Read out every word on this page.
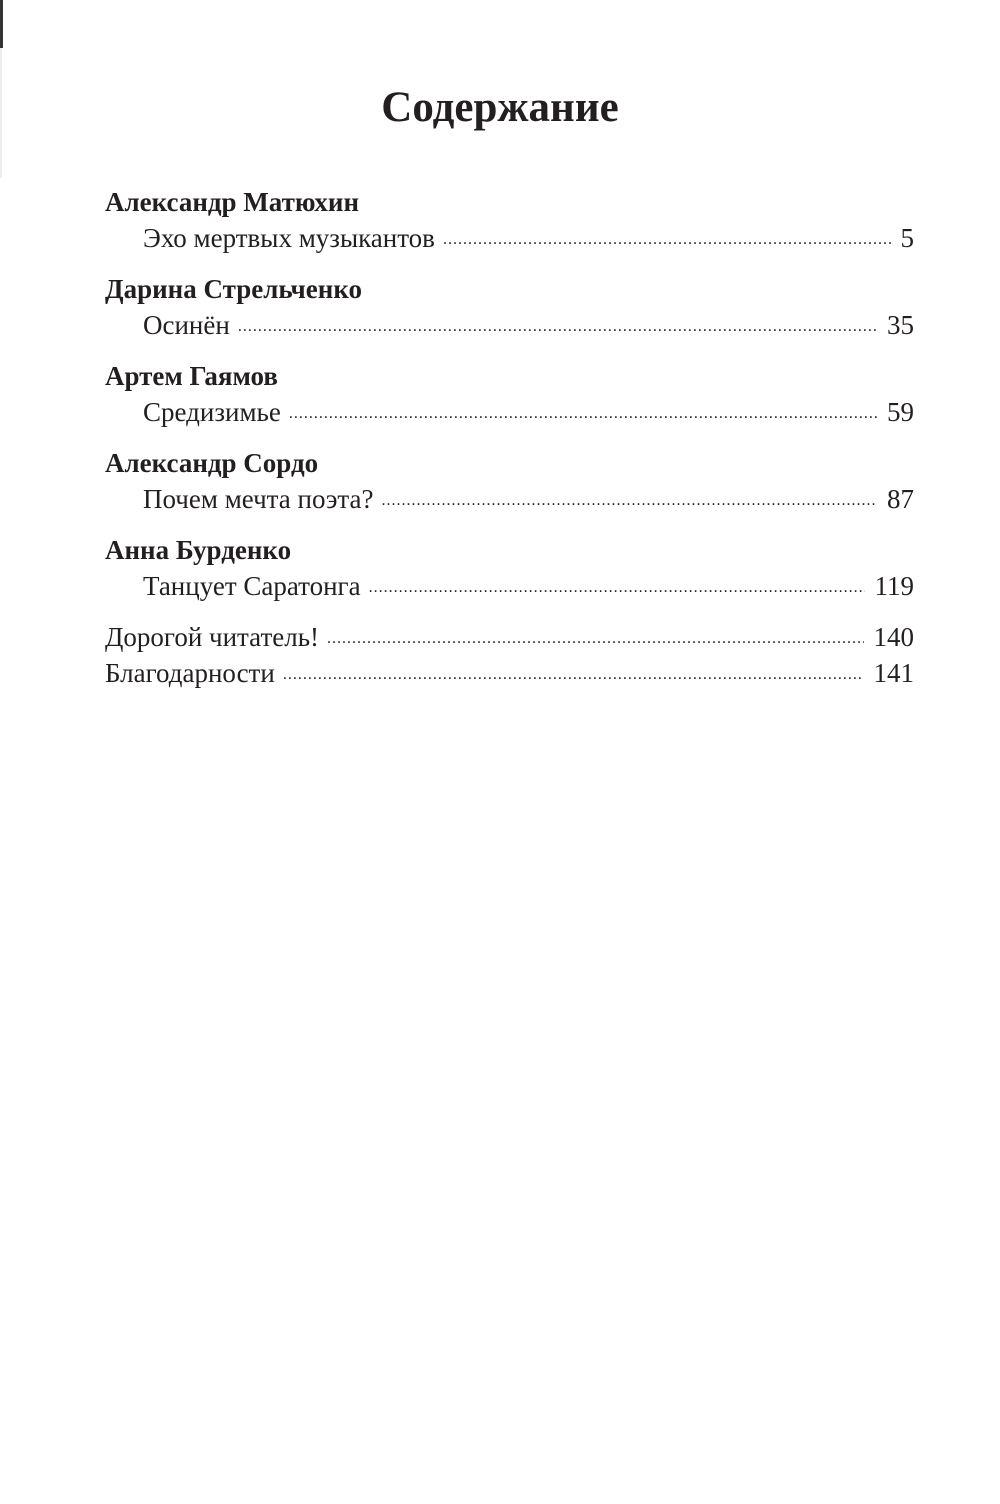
Содержание
Александр Матюхин
Эхо мертвых музыкантов .....	5
Дарина Стрельченко
Осинён .....	35
Артем Гаямов
Средизимье .....	59
Александр Сордо
Почем мечта поэта? .....	87
Анна Бурденко
Танцует Саратонга .....	119
Дорогой читатель! .....	140
Благодарности .....	141
